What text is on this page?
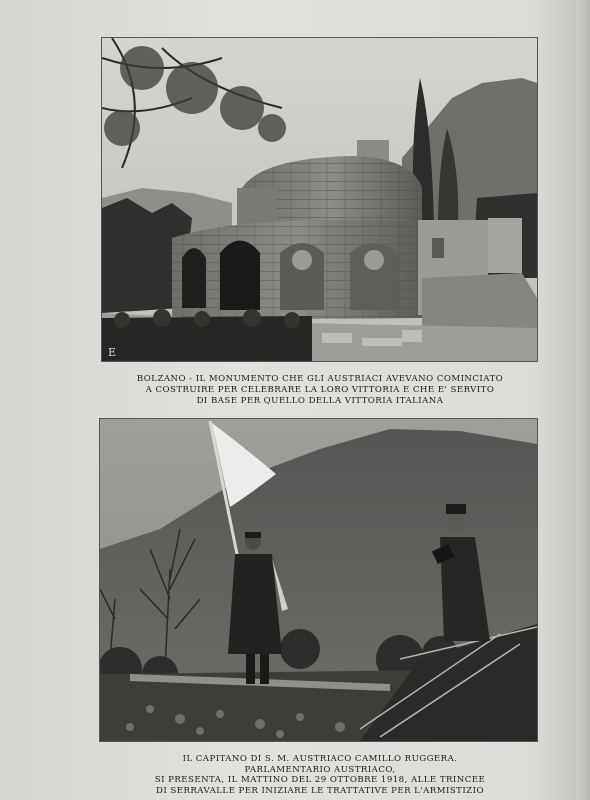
E
BOLZANO - IL MONUMENTO CHE GLI AUSTRIACI AVEVANO COMINCIATO
A COSTRUIRE PER CELEBRARE LA LORO VITTORIA E CHE E' SERVITO
DI BASE PER QUELLO DELLA VITTORIA ITALIANA
IL CAPITANO DI S. M. AUSTRIACO CAMILLO RUGGERA.
PARLAMENTARIO AUSTRIACO,
SI PRESENTA, IL MATTINO DEL 29 OTTOBRE 1918, ALLE TRINCEE
DI SERRAVALLE PER INIZIARE LE TRATTATIVE PER L'ARMISTIZIO
